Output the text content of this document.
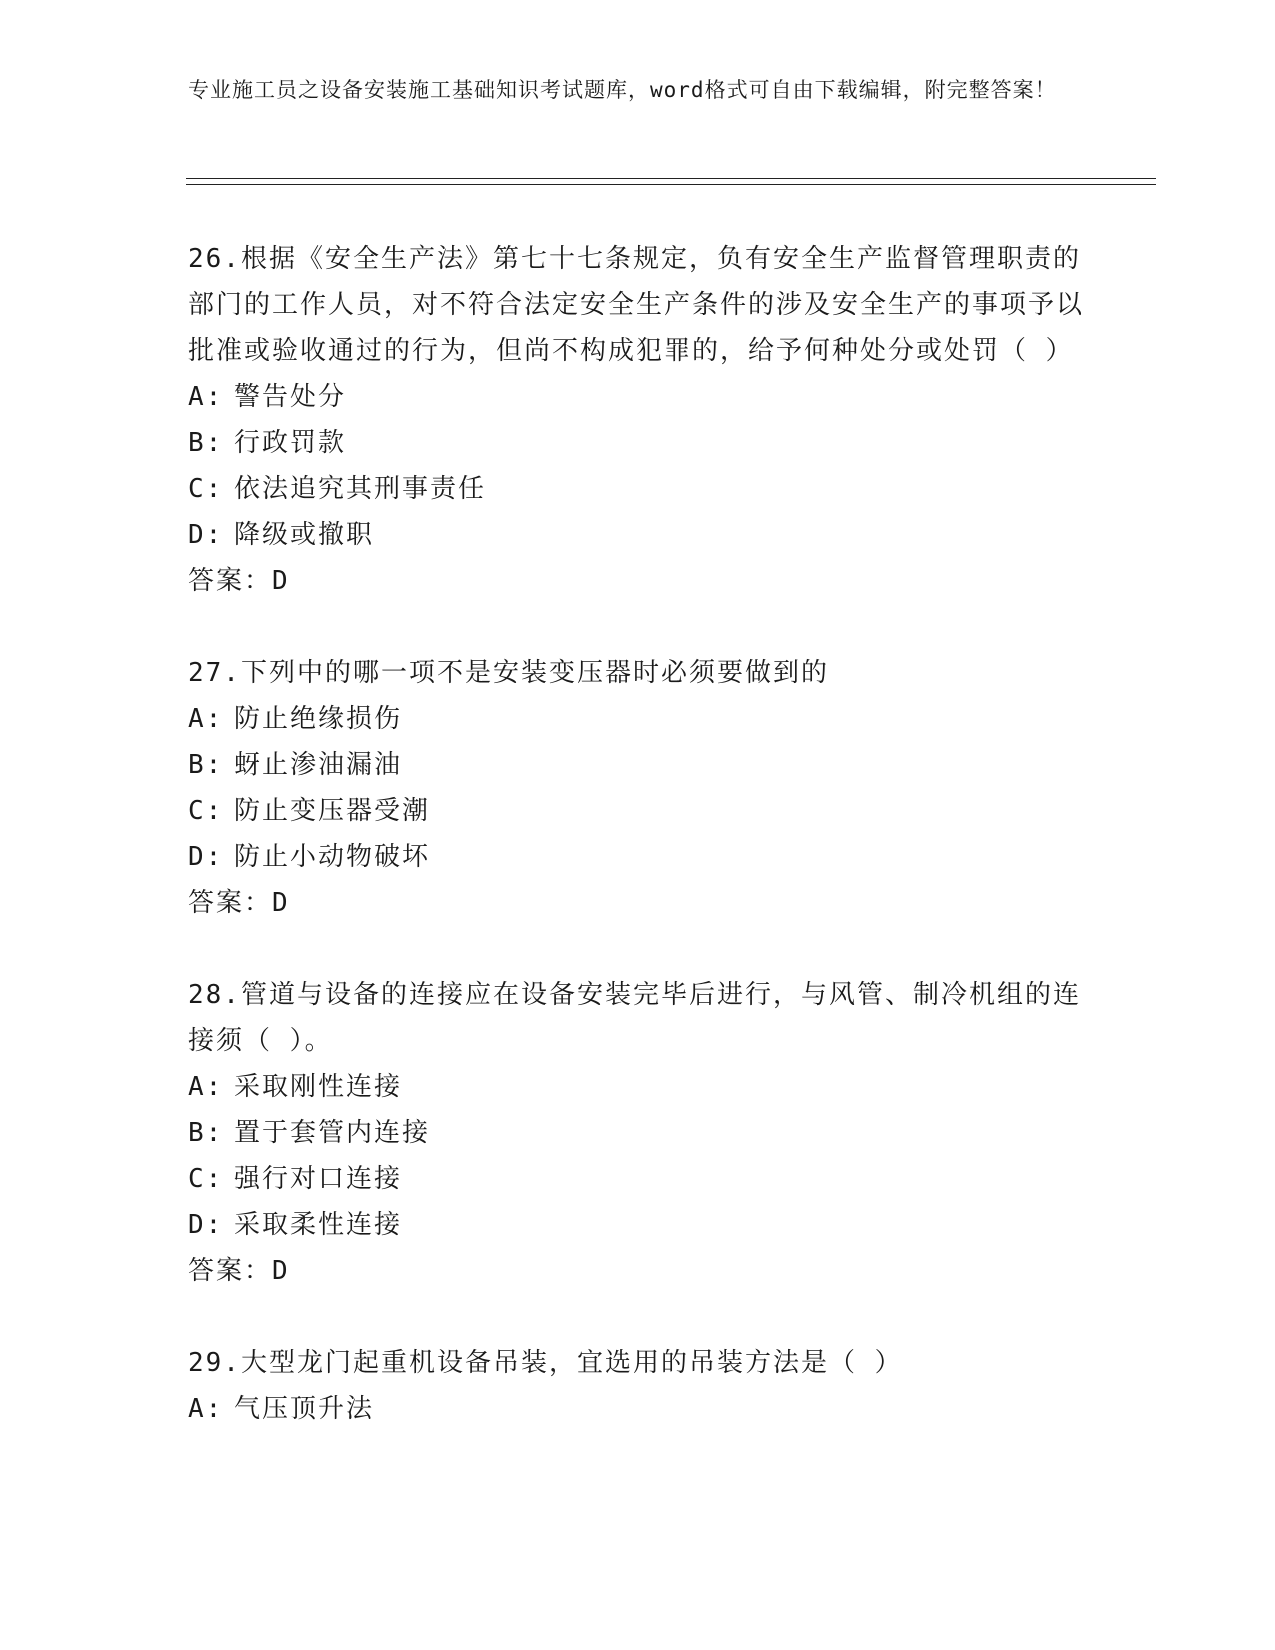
专业施工员之设备安装施工基础知识考试题库，word格式可自由下载编辑，附完整答案！
26.根据《安全生产法》第七十七条规定，负有安全生产监督管理职责的部门的工作人员，对不符合法定安全生产条件的涉及安全生产的事项予以批准或验收通过的行为，但尚不构成犯罪的，给予何种处分或处罚（ ）
A: 警告处分
B: 行政罚款
C: 依法追究其刑事责任
D: 降级或撤职
答案：D
27.下列中的哪一项不是安装变压器时必须要做到的
A: 防止绝缘损伤
B: 蚜止渗油漏油
C: 防止变压器受潮
D: 防止小动物破坏
答案：D
28.管道与设备的连接应在设备安装完毕后进行，与风管、制冷机组的连接须（ ）。
A: 采取刚性连接
B: 置于套管内连接
C: 强行对口连接
D: 采取柔性连接
答案：D
29.大型龙门起重机设备吊装，宜选用的吊装方法是（ ）
A: 气压顶升法
